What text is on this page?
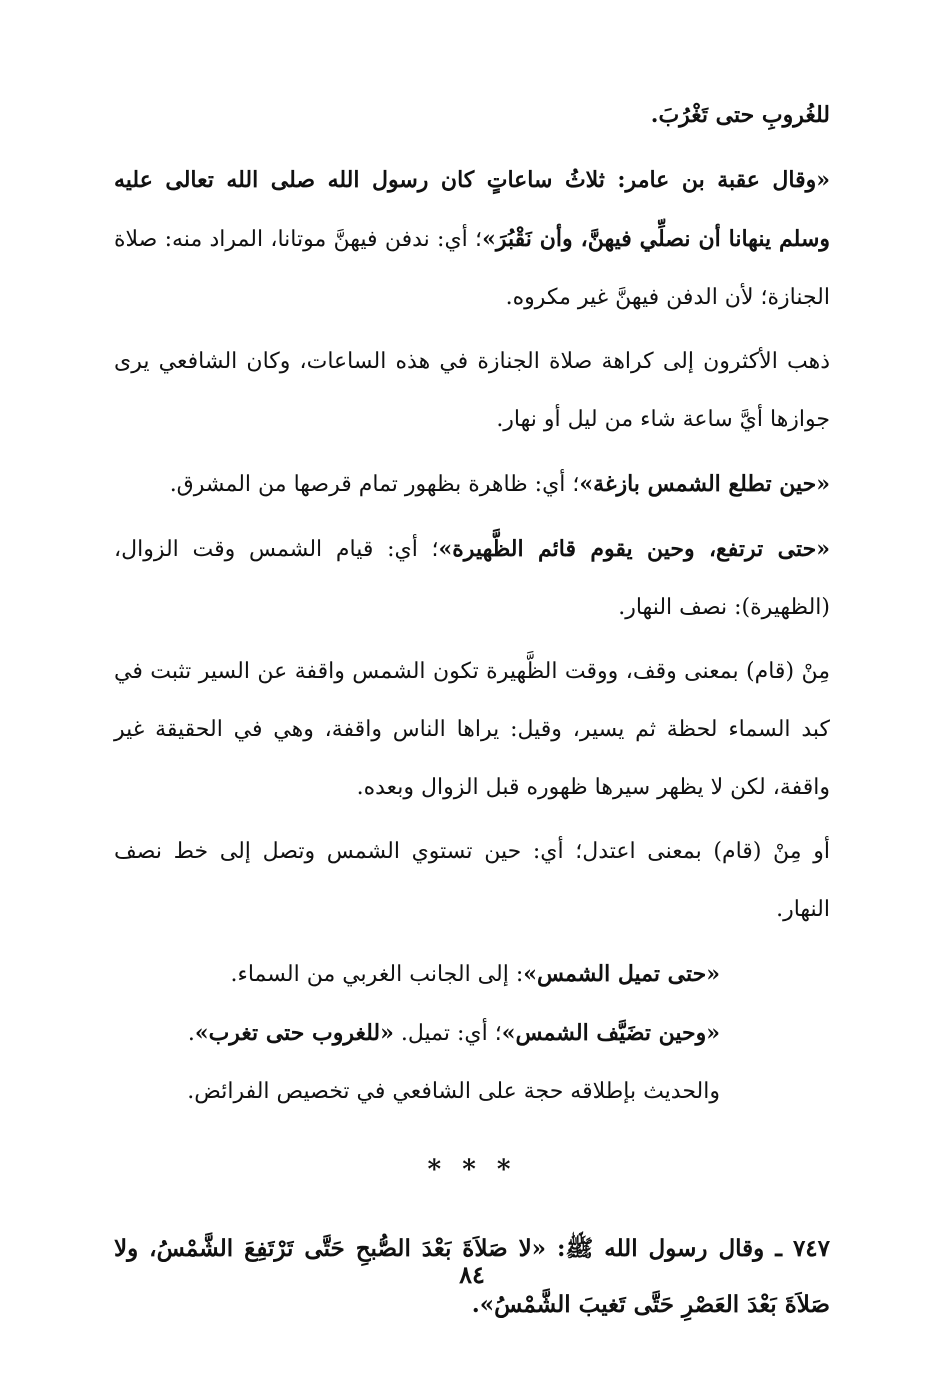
للغُروبِ حتى تَغْرُبَ.

«وقال عقبة بن عامر: ثلاثُ ساعاتٍ كان رسول الله صلى الله تعالى عليه وسلم ينهانا أن نصلِّي فيهنَّ، وأن نَقْبُرَ»؛ أي: ندفن فيهنَّ موتانا، المراد منه: صلاة الجنازة؛ لأن الدفن فيهنَّ غير مكروه.

ذهب الأكثرون إلى كراهة صلاة الجنازة في هذه الساعات، وكان الشافعي يرى جوازها أيَّ ساعة شاء من ليل أو نهار.

«حين تطلع الشمس بازغة»؛ أي: ظاهرة بظهور تمام قرصها من المشرق.

«حتى ترتفع، وحين يقوم قائم الظَّهيرة»؛ أي: قيام الشمس وقت الزوال، (الظهيرة): نصف النهار.

مِنْ (قام) بمعنى وقف، ووقت الظَّهيرة تكون الشمس واقفة عن السير تثبت في كبد السماء لحظة ثم يسير، وقيل: يراها الناس واقفة، وهي في الحقيقة غير واقفة، لكن لا يظهر سيرها ظهوره قبل الزوال وبعده.

أو مِنْ (قام) بمعنى اعتدل؛ أي: حين تستوي الشمس وتصل إلى خط نصف النهار.

«حتى تميل الشمس»: إلى الجانب الغربي من السماء.

«وحين تضَيَّف الشمس»؛ أي: تميل. «للغروب حتى تغرب».

والحديث بإطلاقه حجة على الشافعي في تخصيص الفرائض.

* * *

٧٤٧ ـ وقال رسول الله ﷺ: «لا صَلاَةَ بَعْدَ الصُّبحِ حَتَّى تَرْتَفِعَ الشَّمْسُ، ولا صَلاَةَ بَعْدَ العَصْرِ حَتَّى تَغيبَ الشَّمْسُ».

٨٤
